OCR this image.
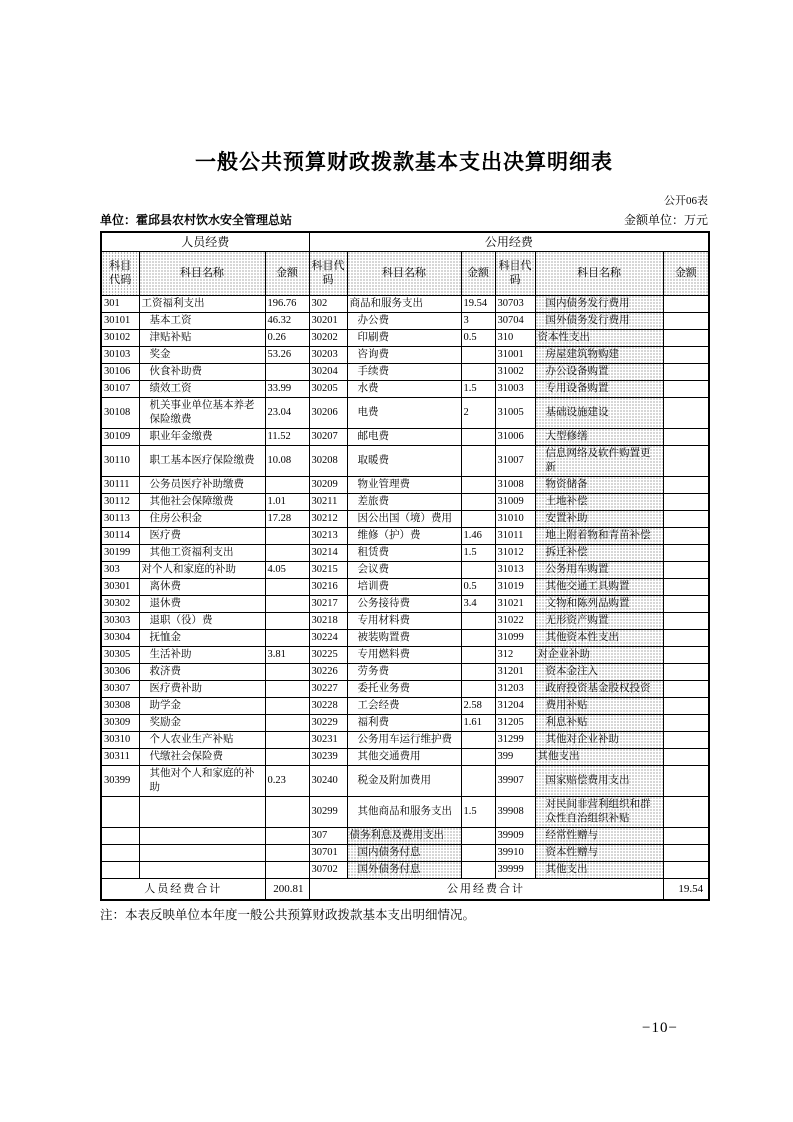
一般公共预算财政拨款基本支出决算明细表
公开06表
单位：霍邱县农村饮水安全管理总站	金额单位：万元
人员经费			公用经费					
科目代码	科目名称	金额	科目代码	科目名称	金额	科目代码	科目名称	金额
301	工资福利支出	196.76	302	商品和服务支出	19.54	30703	国内债务发行费用	
30101	基本工资	46.32	30201	办公费	3	30704	国外债务发行费用	
30102	津贴补贴	0.26	30202	印刷费	0.5	310	资本性支出	
30103	奖金	53.26	30203	咨询费		31001	房屋建筑物购建	
30106	伙食补助费		30204	手续费		31002	办公设备购置	
30107	绩效工资	33.99	30205	水费	1.5	31003	专用设备购置	
30108	机关事业单位基本养老保险缴费	23.04	30206	电费	2	31005	基础设施建设	
30109	职业年金缴费	11.52	30207	邮电费		31006	大型修缮	
30110	职工基本医疗保险缴费	10.08	30208	取暖费		31007	信息网络及软件购置更新	
30111	公务员医疗补助缴费		30209	物业管理费		31008	物资储备	
30112	其他社会保障缴费	1.01	30211	差旅费		31009	土地补偿	
30113	住房公积金	17.28	30212	因公出国（境）费用		31010	安置补助	
30114	医疗费		30213	维修（护）费	1.46	31011	地上附着物和青苗补偿	
30199	其他工资福利支出		30214	租赁费	1.5	31012	拆迁补偿	
303	对个人和家庭的补助	4.05	30215	会议费		31013	公务用车购置	
30301	离休费		30216	培训费	0.5	31019	其他交通工具购置	
30302	退休费		30217	公务接待费	3.4	31021	文物和陈列品购置	
30303	退职（役）费		30218	专用材料费		31022	无形资产购置	
30304	抚恤金		30224	被装购置费		31099	其他资本性支出	
30305	生活补助	3.81	30225	专用燃料费		312	对企业补助	
30306	救济费		30226	劳务费		31201	资本金注入	
30307	医疗费补助		30227	委托业务费		31203	政府投资基金股权投资	
30308	助学金		30228	工会经费	2.58	31204	费用补贴	
30309	奖励金		30229	福利费	1.61	31205	利息补贴	
30310	个人农业生产补贴		30231	公务用车运行维护费		31299	其他对企业补助	
30311	代缴社会保险费		30239	其他交通费用		399	其他支出	
30399	其他对个人和家庭的补助	0.23	30240	税金及附加费用		39907	国家赔偿费用支出	
			30299	其他商品和服务支出	1.5	39908	对民间非营利组织和群众性自治组织补贴	
			307	债务利息及费用支出		39909	经常性赠与	
			30701	国内债务付息		39910	资本性赠与	
			30702	国外债务付息		39999	其他支出	
人员经费合计		200.81	公用经费合计					19.54
注：本表反映单位本年度一般公共预算财政拨款基本支出明细情况。
−10−
